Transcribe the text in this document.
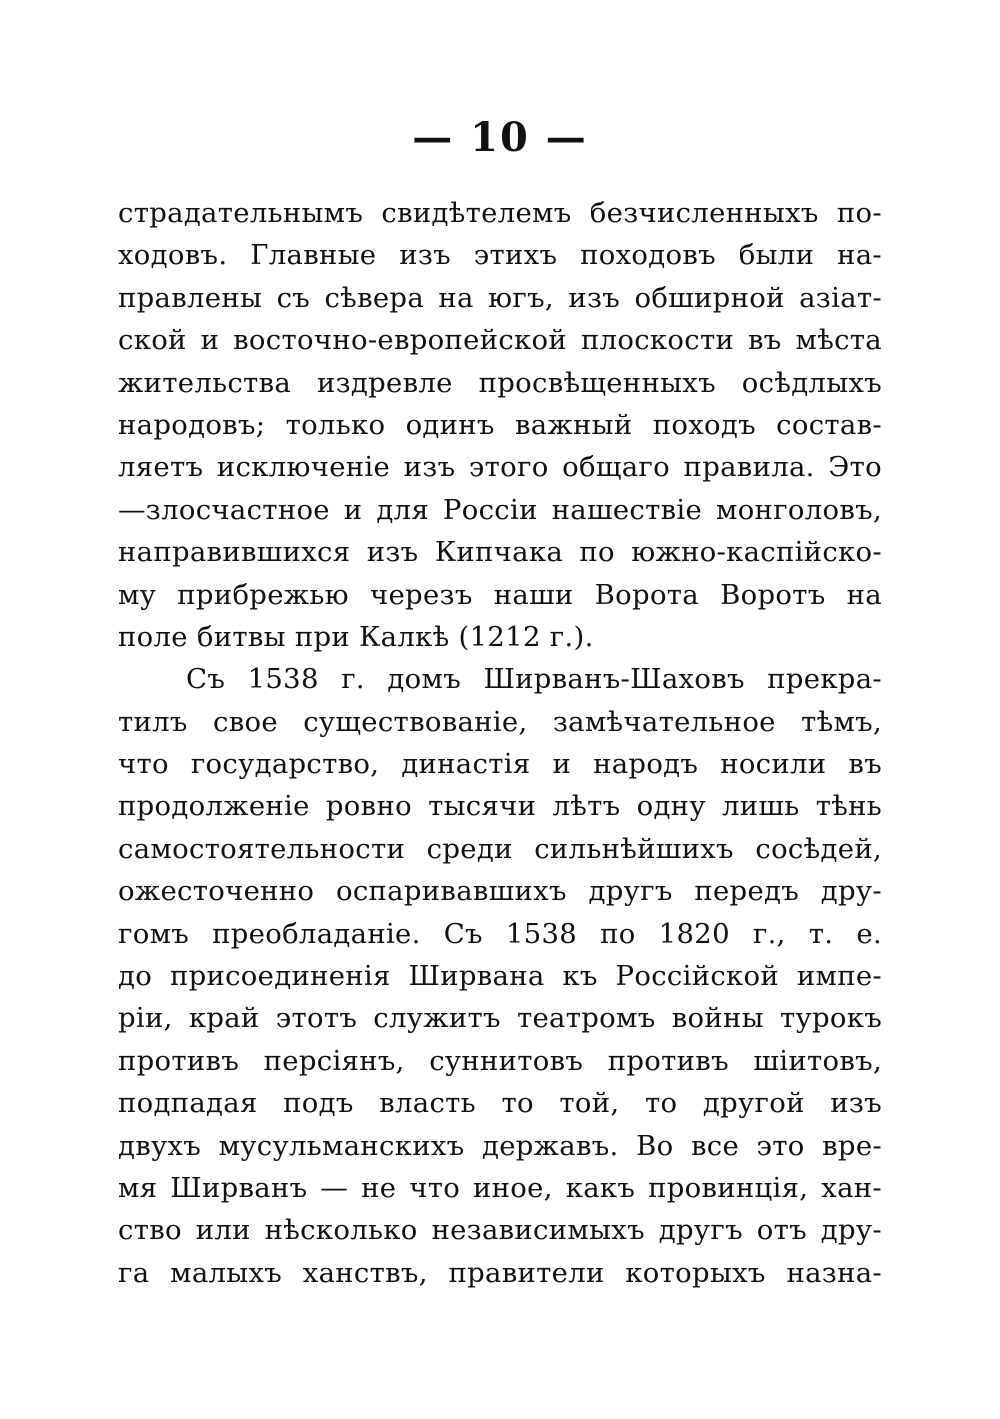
— 10 —
страдательнымъ свидѣтелемъ безчисленныхъ по-
ходовъ. Главные изъ этихъ походовъ были на-
правлены съ сѣвера на югъ, изъ обширной азіат-
ской и восточно-европейской плоскости въ мѣста
жительства издревле просвѣщенныхъ осѣдлыхъ
народовъ; только одинъ важный походъ состав-
ляетъ исключеніе изъ этого общаго правила. Это
—злосчастное и для Россіи нашествіе монголовъ,
направившихся изъ Кипчака по южно-каспійско-
му прибрежью черезъ наши Ворота Воротъ на
поле битвы при Калкѣ (1212 г.).
Съ 1538 г. домъ Ширванъ-Шаховъ прекра-
тилъ свое существованіе, замѣчательное тѣмъ,
что государство, династія и народъ носили въ
продолженіе ровно тысячи лѣтъ одну лишь тѣнь
самостоятельности среди сильнѣйшихъ сосѣдей,
ожесточенно оспаривавшихъ другъ передъ дру-
гомъ преобладаніе. Съ 1538 по 1820 г., т. е.
до присоединенія Ширвана къ Россійской импе-
ріи, край этотъ служитъ театромъ войны турокъ
противъ персіянъ, суннитовъ противъ шіитовъ,
подпадая подъ власть то той, то другой изъ
двухъ мусульманскихъ державъ. Во все это вре-
мя Ширванъ — не что иное, какъ провинція, хан-
ство или нѣсколько независимыхъ другъ отъ дру-
га малыхъ ханствъ, правители которыхъ назна-
